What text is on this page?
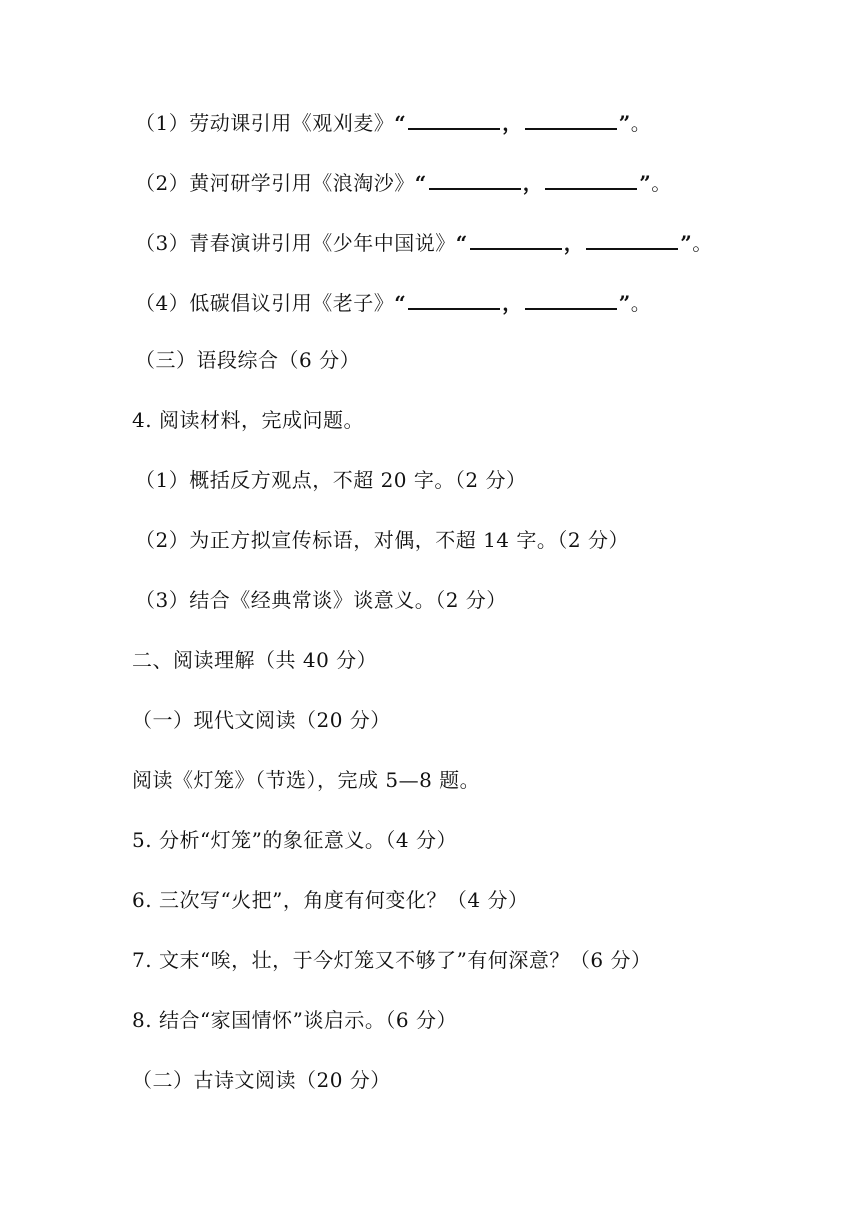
（1）劳动课引用《观刈麦》“	，	”。
（2）黄河研学引用《浪淘沙》“	，	”。
（3）青春演讲引用《少年中国说》“	，	”。
（4）低碳倡议引用《老子》“	，	”。
（三）语段综合（6 分）
4. 阅读材料，完成问题。
（1）概括反方观点，不超 20 字。（2 分）
（2）为正方拟宣传标语，对偶，不超 14 字。（2 分）
（3）结合《经典常谈》谈意义。（2 分）
二、阅读理解（共 40 分）
（一）现代文阅读（20 分）
阅读《灯笼》（节选），完成 5—8 题。
5. 分析“灯笼”的象征意义。（4 分）
6. 三次写“火把”，角度有何变化？（4 分）
7. 文末“唉，壮，于今灯笼又不够了”有何深意？（6 分）
8. 结合“家国情怀”谈启示。（6 分）
（二）古诗文阅读（20 分）
